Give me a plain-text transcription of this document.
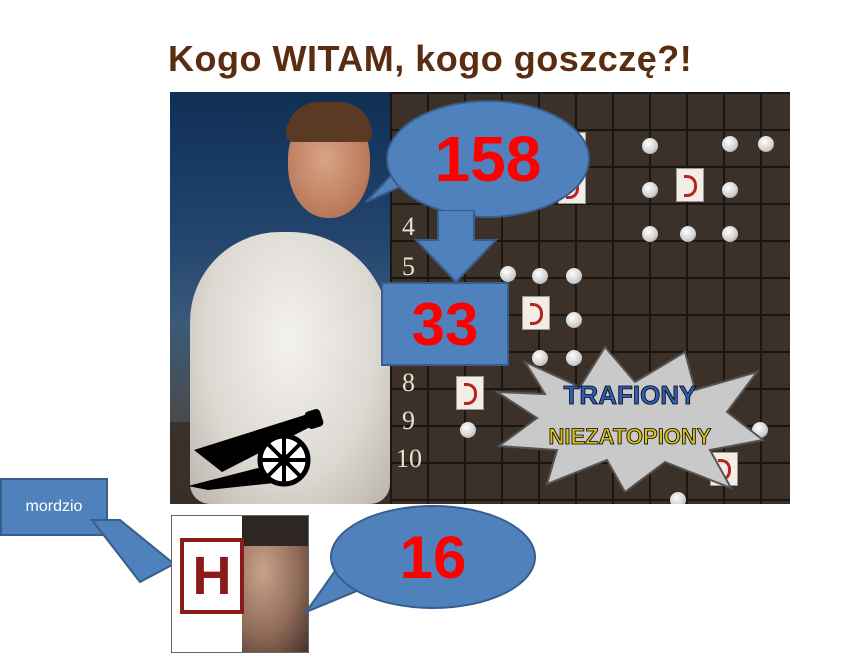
Kogo WITAM, kogo goszczę?!
4
5
8
9
10
TRAFIONY
NIEZATOPIONY
158
33
mordzio
H	16
